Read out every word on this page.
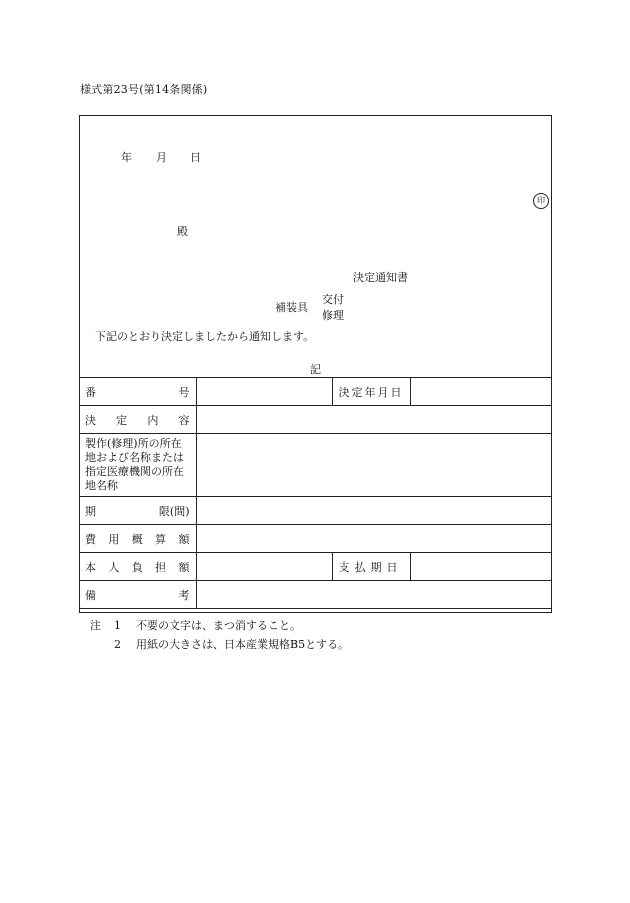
様式第23号(第14条関係)
年 月 日
印
殿
決定通知書
補装具
交付
修理
下記のとおり決定しましたから通知します。
記
番 号		決定年月日	

決 定 内 容			

製作(修理)所の所在地および名称または指定医療機関の所在地名称			

期 限(間)			

費 用 概 算 額			

本 人 負 担 額		支払期日	

備 考			

注	1	不要の文字は、まつ消すること。
2	用紙の大きさは、日本産業規格B5とする。
